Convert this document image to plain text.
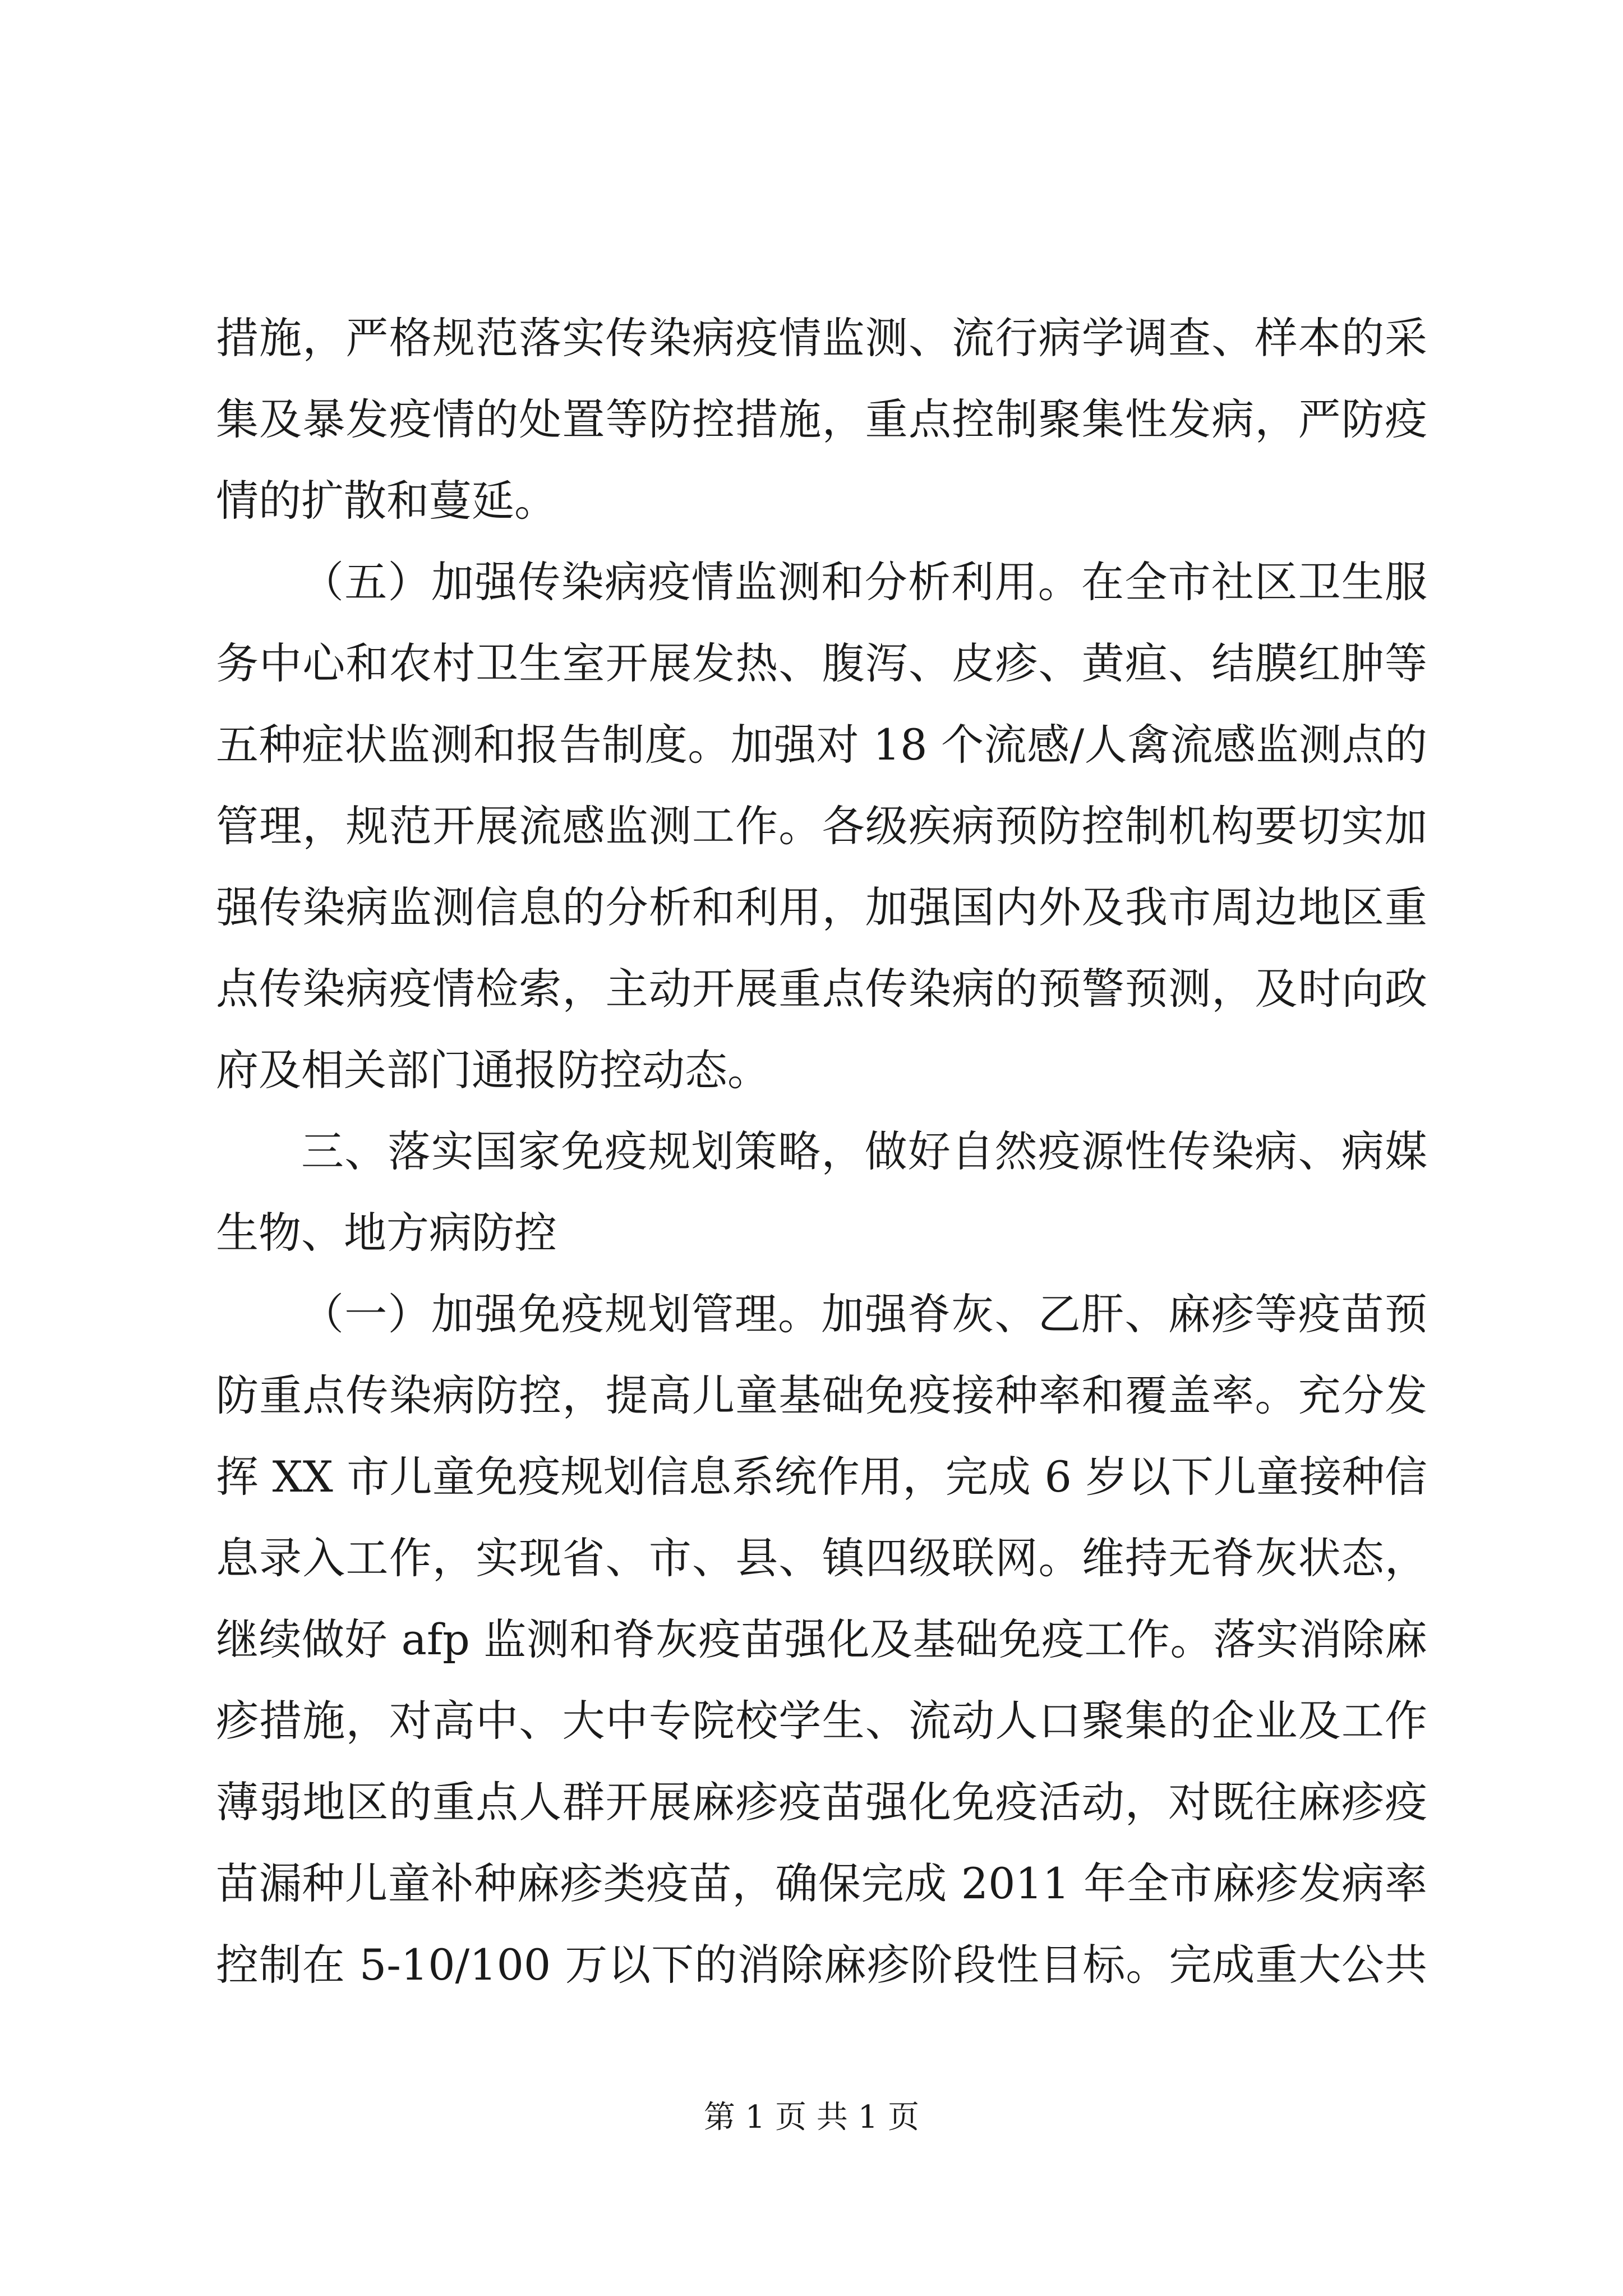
措施，严格规范落实传染病疫情监测、流行病学调查、样本的采
集及暴发疫情的处置等防控措施，重点控制聚集性发病，严防疫
情的扩散和蔓延。
（五）加强传染病疫情监测和分析利用。在全市社区卫生服
务中心和农村卫生室开展发热、腹泻、皮疹、黄疸、结膜红肿等
五种症状监测和报告制度。加强对 18 个流感/人禽流感监测点的
管理，规范开展流感监测工作。各级疾病预防控制机构要切实加
强传染病监测信息的分析和利用，加强国内外及我市周边地区重
点传染病疫情检索，主动开展重点传染病的预警预测，及时向政
府及相关部门通报防控动态。
三、落实国家免疫规划策略，做好自然疫源性传染病、病媒
生物、地方病防控
（一）加强免疫规划管理。加强脊灰、乙肝、麻疹等疫苗预
防重点传染病防控，提高儿童基础免疫接种率和覆盖率。充分发
挥 XX 市儿童免疫规划信息系统作用，完成 6 岁以下儿童接种信
息录入工作，实现省、市、县、镇四级联网。维持无脊灰状态，
继续做好 afp 监测和脊灰疫苗强化及基础免疫工作。落实消除麻
疹措施，对高中、大中专院校学生、流动人口聚集的企业及工作
薄弱地区的重点人群开展麻疹疫苗强化免疫活动，对既往麻疹疫
苗漏种儿童补种麻疹类疫苗，确保完成 2011 年全市麻疹发病率
控制在 5-10/100 万以下的消除麻疹阶段性目标。完成重大公共
第 1 页 共 1 页
